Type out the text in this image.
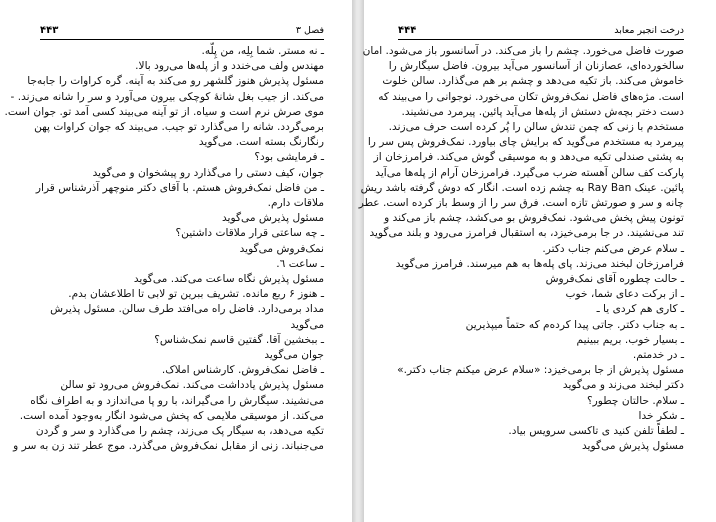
۴۴۳	فصل ۳
ـ نه مستر. شما بِلِه، من پِلّه.
مهندس ولف می‌خندد و از پله‌ها می‌رود بالا.
مسئول پذیرش هنوز گلشهر رو می‌کند به آینه. گره کراوات را جابه‌جا
می‌کند. از جیب بغل شانهٔ کوچکی بیرون می‌آورد و سر را شانه می‌زند. -
موی صرش نرم است و سیاه. از تو آینه می‌بیند کسی آمد تو. جوان است.
برمی‌گردد. شانه را می‌گذارد تو جیب. می‌بیند که جوان کراوات پهن
رنگارنگ بسته است. می‌گوید
ـ فرمایشی بود؟
جوان، کیف دستی را می‌گذارد رو پیشخوان و می‌گوید
ـ من فاضل نمک‌فروش هستم. با آقای دکتر منوچهر آذرشناس قرار
ملاقات دارم.
مسئول پذیرش می‌گوید
ـ چه ساعتی قرار ملاقات داشتین؟
نمک‌فروش می‌گوید
ـ ساعت ٦.
مسئول پذیرش نگاه ساعت می‌کند. می‌گوید
ـ هنوز ۶ ربع مانده. تشریف ببرین تو لابی تا اطلاعشان بدم.
مداد برمی‌دارد. فاضل راه می‌افتد طرف سالن. مسئول پذیرش
می‌گوید
ـ ببخشین آقا. گفتین قاسم نمک‌شناس؟
جوان می‌گوید
ـ فاضل نمک‌فروش. کارشناس املاک.
مسئول پذیرش یادداشت می‌کند. نمک‌فروش می‌رود تو سالن
می‌نشیند. سیگارش را می‌گیراند، با رو پا می‌اندازد و به اطراف نگاه
می‌کند. از موسیقی ملایمی که پخش می‌شود انگار به‌وجود آمده است.
تکیه می‌دهد، به سیگار پک می‌زند، چشم را می‌گذارد و سر و گردن
می‌جنباند. زنی از مقابل نمک‌فروش می‌گذرد. موج عطر تند زن به سر و
۴۴۴	درخت انجیر معابد
صورت فاضل می‌خورد. چشم را باز می‌کند. در آسانسور باز می‌شود. امان
سالخورده‌ای، عصازنان از آسانسور می‌آید بیرون. فاضل سیگارش را
خاموش می‌کند. باز تکیه می‌دهد و چشم بر هم می‌گذارد. سالن خلوت
است. مژه‌های فاضل نمک‌فروش تکان می‌خورد. نوجوانی را می‌بیند که
دست دختر بچه‌ش دستش از پله‌ها می‌آید پائین. پیرمرد می‌نشیند.
مستخدم با زنی که چمن تندش سالن را پُر کرده است حرف می‌زند.
پیرمرد به مستخدم می‌گوید که برایش چای بیاورد. نمک‌فروش پس سر را
به پشتی صندلی تکیه می‌دهد و به موسیقی گوش می‌کند. فرامرزخان از
پارکت کف سالن آهسته ضرب می‌گیرد. فرامرزخان آرام از پله‌ها می‌آید
پائین. عینک Ray Ban به چشم زده است. انگار که دوش گرفته باشد ریش
چانه و سر و صورتش تازه است. فرق سر را از وسط باز کرده است. عطر
تونون پیش پخش می‌شود. نمک‌فروش بو می‌کشد، چشم باز می‌کند و
تند می‌نشیند. در جا برمی‌خیزد، به استقبال فرامرز می‌رود و بلند می‌گوید
ـ سلام عرض می‌کنم جناب دکتر.
فرامرزخان لبخند می‌زند. پای پله‌ها به هم میرسند. فرامرز می‌گوید
ـ حالت چطوره آقای نمک‌فروش
ـ از برکت دعای شما، خوب
ـ کاری هم کردی یا ـ
ـ به جناب دکتر. جاتی پیدا کرده‌م که حتماً میپذیرین
ـ بسیار خوب. بریم ببینیم
ـ در خدمتم.
مسئول پذیرش از جا برمی‌خیزد: «سلام عرض میکنم جناب دکتر.»
دکتر لبخند می‌زند و می‌گوید
ـ سلام. حالتان چطور؟
ـ شکر خدا
ـ لطفاً تلفن کنید ی تاکسی سرویس بیاد.
مسئول پذیرش می‌گوید
